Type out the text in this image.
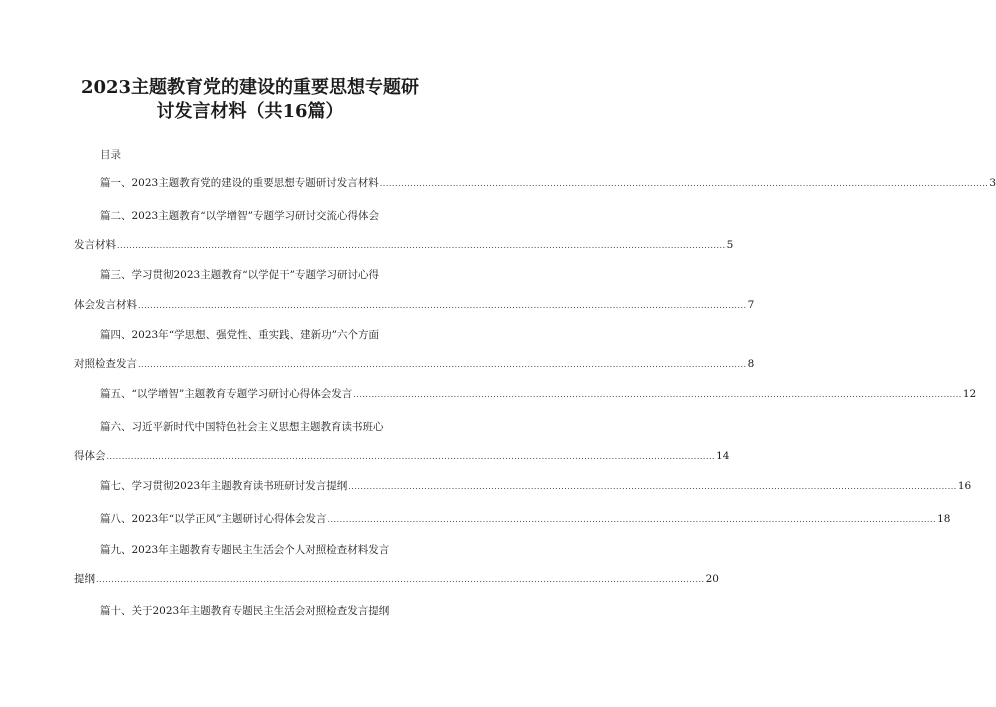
2023主题教育党的建设的重要思想专题研
讨发言材料（共16篇）
目录
篇一、2023主题教育党的建设的重要思想专题研讨发言材料 ........................................................................................................................................................................................................ 3
篇二、2023主题教育“以学增智”专题学习研讨交流心得体会
发言材料 ........................................................................................................................................................................................................ 5
篇三、学习贯彻2023主题教育“以学促干”专题学习研讨心得
体会发言材料 ........................................................................................................................................................................................................ 7
篇四、2023年“学思想、强党性、重实践、建新功”六个方面
对照检查发言 ........................................................................................................................................................................................................ 8
篇五、“以学增智”主题教育专题学习研讨心得体会发言 ........................................................................................................................................................................................................ 12
篇六、习近平新时代中国特色社会主义思想主题教育读书班心
得体会 ........................................................................................................................................................................................................ 14
篇七、学习贯彻2023年主题教育读书班研讨发言提纲 ........................................................................................................................................................................................................ 16
篇八、2023年“以学正风”主题研讨心得体会发言 ........................................................................................................................................................................................................ 18
篇九、2023年主题教育专题民主生活会个人对照检查材料发言
提纲 ........................................................................................................................................................................................................ 20
篇十、关于2023年主题教育专题民主生活会对照检查发言提纲
